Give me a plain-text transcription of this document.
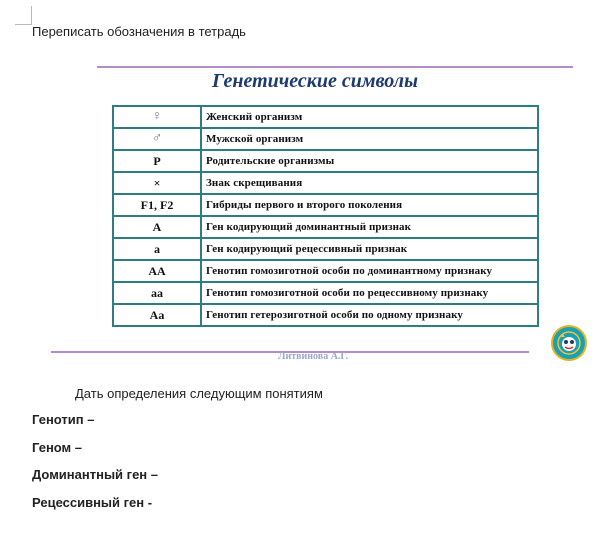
Переписать обозначения в тетрадь
Генетические символы
♀	Женский организм
♂	Мужской организм
P	Родительские организмы
×	Знак скрещивания
F1, F2	Гибриды первого и второго поколения
A	Ген кодирующий доминантный признак
a	Ген кодирующий рецессивный признак
AA	Генотип гомозиготной особи по доминантному признаку
aa	Генотип гомозиготной особи по рецессивному признаку
Aa	Генотип гетерозиготной особи по одному признаку
Литвинова А.Г.
Дать определения следующим понятиям
Генотип –
Геном –
Доминантный ген –
Рецессивный ген -
